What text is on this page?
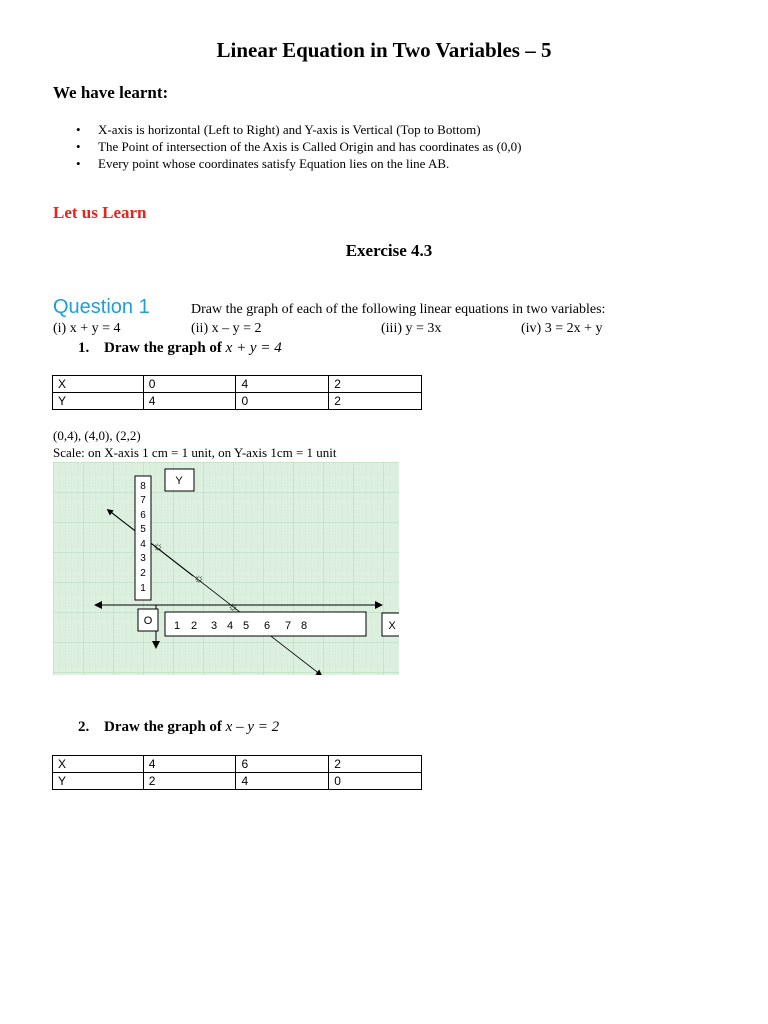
Linear Equation in Two Variables – 5
We have learnt:
• X-axis is horizontal (Left to Right) and Y-axis is Vertical (Top to Bottom)
• The Point of intersection of the Axis is Called Origin and has coordinates as (0,0)
• Every point whose coordinates satisfy Equation lies on the line AB.
Let us Learn
Exercise 4.3
Question 1	Draw the graph of each of the following linear equations in two variables:
(i) x + y = 4	(ii) x – y = 2	(iii) y = 3x	(iv) 3 = 2x + y
1. Draw the graph of x + y = 4
X	0	4	2
Y	4	0	2
(0,4), (4,0), (2,2)
Scale: on X-axis 1 cm = 1 unit, on Y-axis 1cm = 1 unit
8
7
6
5
4
3
2
1
Y
O 1 2 3 4 5 6 7 8	X
☼
☼
☼
2. Draw the graph of x – y = 2
X	4	6	2
Y	2	4	0
